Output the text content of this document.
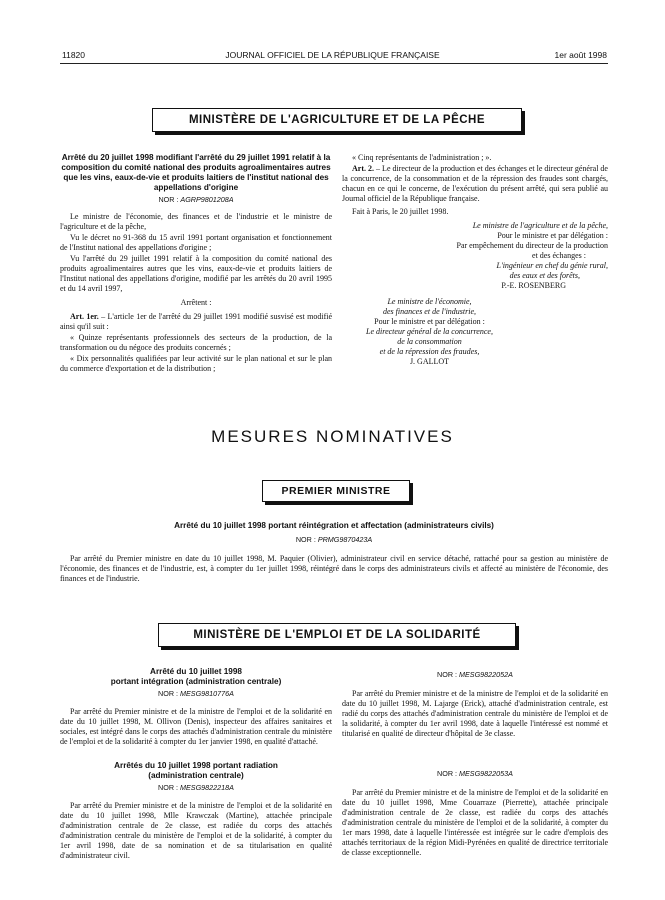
11820	JOURNAL OFFICIEL DE LA RÉPUBLIQUE FRANÇAISE	1er août 1998
MINISTÈRE DE L'AGRICULTURE ET DE LA PÊCHE
Arrêté du 20 juillet 1998 modifiant l'arrêté du 29 juillet 1991 relatif à la composition du comité national des produits agroalimentaires autres que les vins, eaux-de-vie et produits laitiers de l'institut national des appellations d'origine
NOR : AGRP9801208A

Le ministre de l'économie, des finances et de l'industrie et le ministre de l'agriculture et de la pêche,

Vu le décret no 91-368 du 15 avril 1991 portant organisation et fonctionnement de l'Institut national des appellations d'origine ;

Vu l'arrêté du 29 juillet 1991 relatif à la composition du comité national des produits agroalimentaires autres que les vins, eaux-de-vie et produits laitiers de l'Institut national des appellations d'origine, modifié par les arrêtés du 20 avril 1995 et du 14 avril 1997,

Arrêtent :

Art. 1er. – L'article 1er de l'arrêté du 29 juillet 1991 modifié susvisé est modifié ainsi qu'il suit :

« Quinze représentants professionnels des secteurs de la production, de la transformation ou du négoce des produits concernés ;

« Dix personnalités qualifiées par leur activité sur le plan national et sur le plan du commerce d'exportation et de la distribution ;

« Cinq représentants de l'administration ; ».

Art. 2. – Le directeur de la production et des échanges et le directeur général de la concurrence, de la consommation et de la répression des fraudes sont chargés, chacun en ce qui le concerne, de l'exécution du présent arrêté, qui sera publié au Journal officiel de la République française.

Fait à Paris, le 20 juillet 1998.

Le ministre de l'agriculture et de la pêche,
Pour le ministre et par délégation :
Par empêchement du directeur de la production
et des échanges :
L'ingénieur en chef du génie rural,
des eaux et des forêts,
P.-E. ROSENBERG
Le ministre de l'économie,
des finances et de l'industrie,
Pour le ministre et par délégation :
Le directeur général de la concurrence,
de la consommation
et de la répression des fraudes,
J. GALLOT
MESURES NOMINATIVES
PREMIER MINISTRE
Arrêté du 10 juillet 1998 portant réintégration et affectation (administrateurs civils)
NOR : PRMG9870423A

Par arrêté du Premier ministre en date du 10 juillet 1998, M. Paquier (Olivier), administrateur civil en service détaché, rattaché pour sa gestion au ministère de l'économie, des finances et de l'industrie, est, à compter du 1er juillet 1998, réintégré dans le corps des administrateurs civils et affecté au ministère de l'économie, des finances et de l'industrie.

MINISTÈRE DE L'EMPLOI ET DE LA SOLIDARITÉ
Arrêté du 10 juillet 1998
portant intégration (administration centrale)
NOR : MESG9810776A

Par arrêté du Premier ministre et de la ministre de l'emploi et de la solidarité en date du 10 juillet 1998, M. Ollivon (Denis), inspecteur des affaires sanitaires et sociales, est intégré dans le corps des attachés d'administration centrale du ministère de l'emploi et de la solidarité à compter du 1er janvier 1998, en qualité d'attaché.

Arrêtés du 10 juillet 1998 portant radiation
(administration centrale)
NOR : MESG9822218A

Par arrêté du Premier ministre et de la ministre de l'emploi et de la solidarité en date du 10 juillet 1998, Mlle Krawczak (Martine), attachée principale d'administration centrale de 2e classe, est radiée du corps des attachés d'administration centrale du ministère de l'emploi et de la solidarité, à compter du 1er avril 1998, date de sa nomination et de sa titularisation en qualité d'administrateur civil.

NOR : MESG9822052A

Par arrêté du Premier ministre et de la ministre de l'emploi et de la solidarité en date du 10 juillet 1998, M. Lajarge (Erick), attaché d'administration centrale, est radié du corps des attachés d'administration centrale du ministère de l'emploi et de la solidarité, à compter du 1er avril 1998, date à laquelle l'intéressé est nommé et titularisé en qualité de directeur d'hôpital de 3e classe.

NOR : MESG9822053A

Par arrêté du Premier ministre et de la ministre de l'emploi et de la solidarité en date du 10 juillet 1998, Mme Couarraze (Pierrette), attachée principale d'administration centrale de 2e classe, est radiée du corps des attachés d'administration centrale du ministère de l'emploi et de la solidarité, à compter du 1er mars 1998, date à laquelle l'intéressée est intégrée sur le cadre d'emplois des attachés territoriaux de la région Midi-Pyrénées en qualité de directrice territoriale de classe exceptionnelle.
